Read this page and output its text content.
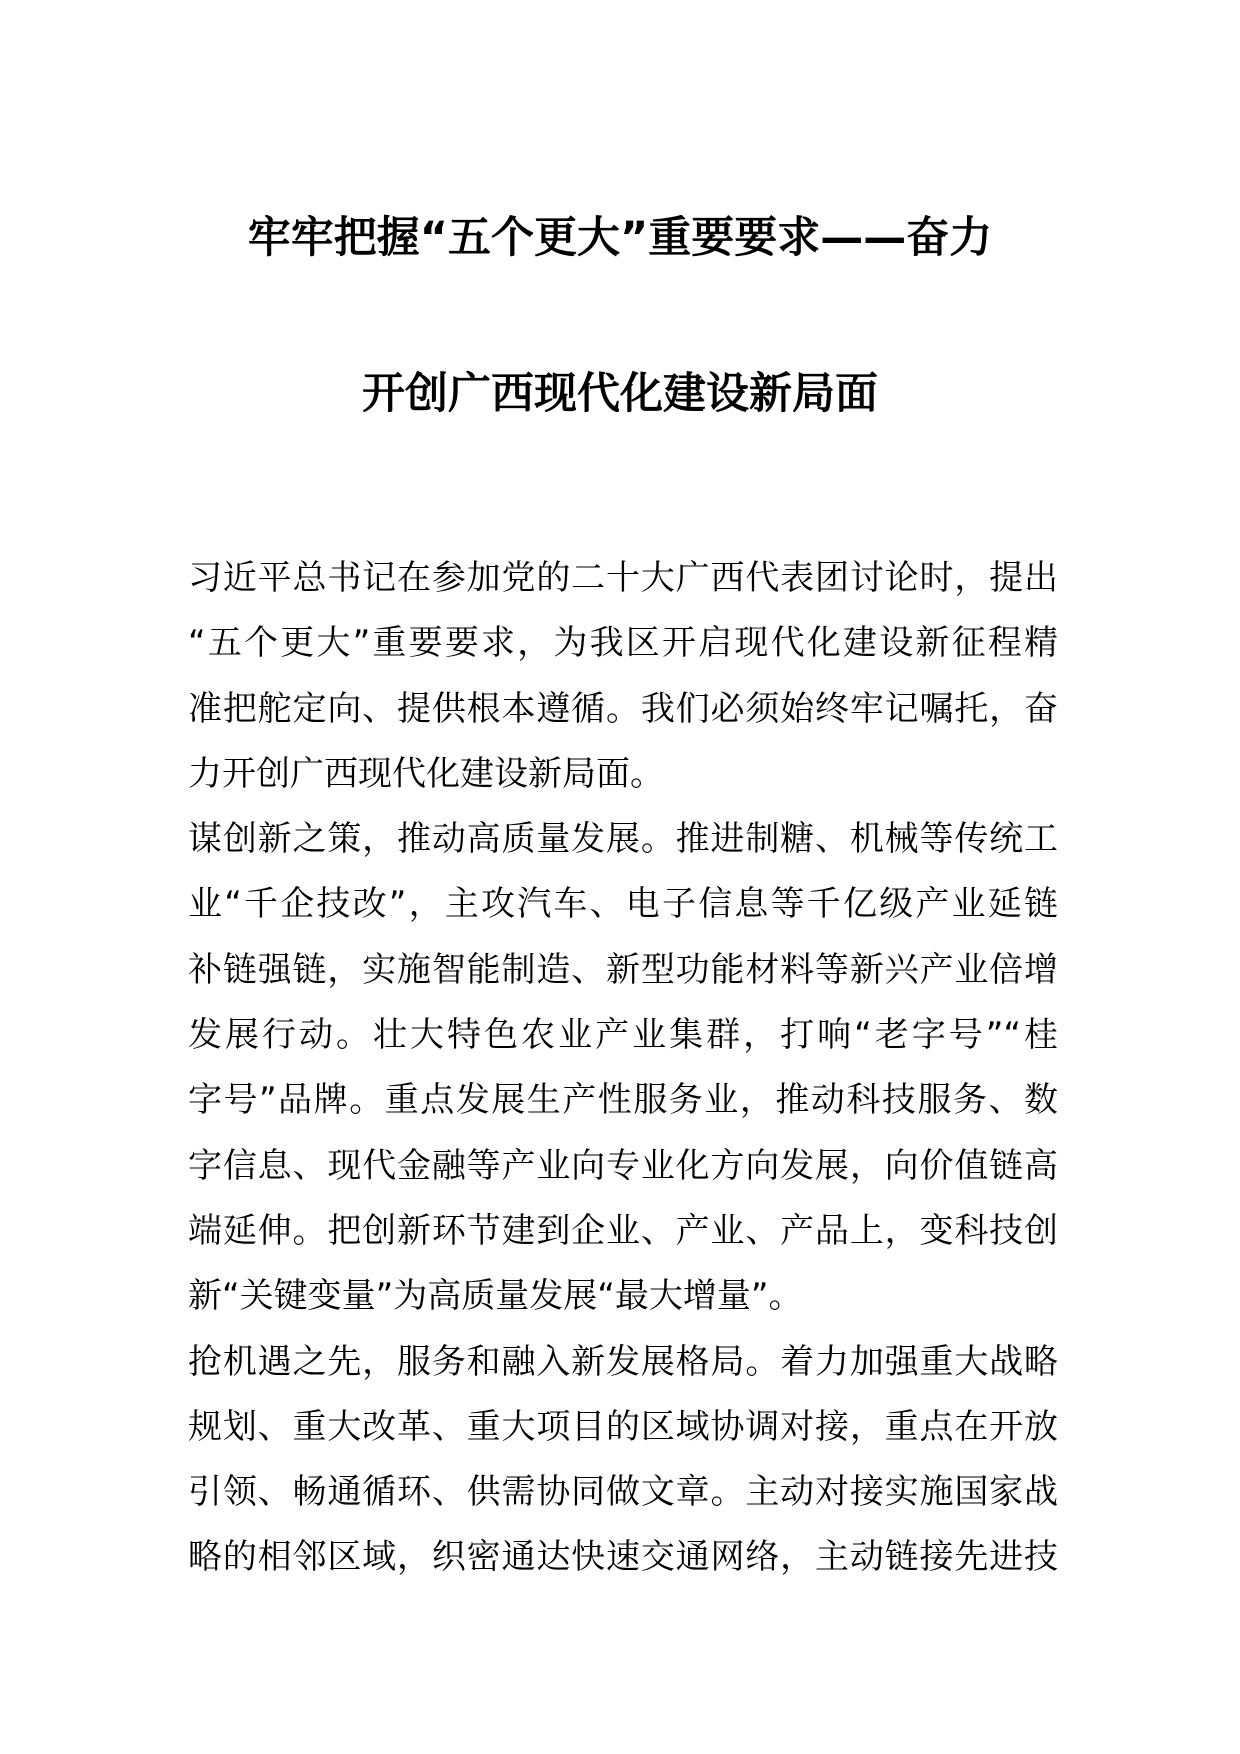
牢牢把握“五个更大”重要要求——奋力
开创广西现代化建设新局面
习近平总书记在参加党的二十大广西代表团讨论时，提出
“五个更大”重要要求，为我区开启现代化建设新征程精
准把舵定向、提供根本遵循。我们必须始终牢记嘱托，奋
力开创广西现代化建设新局面。
谋创新之策，推动高质量发展。推进制糖、机械等传统工
业“千企技改”，主攻汽车、电子信息等千亿级产业延链
补链强链，实施智能制造、新型功能材料等新兴产业倍增
发展行动。壮大特色农业产业集群，打响“老字号”“桂
字号”品牌。重点发展生产性服务业，推动科技服务、数
字信息、现代金融等产业向专业化方向发展，向价值链高
端延伸。把创新环节建到企业、产业、产品上，变科技创
新“关键变量”为高质量发展“最大增量”。
抢机遇之先，服务和融入新发展格局。着力加强重大战略
规划、重大改革、重大项目的区域协调对接，重点在开放
引领、畅通循环、供需协同做文章。主动对接实施国家战
略的相邻区域，织密通达快速交通网络，主动链接先进技
